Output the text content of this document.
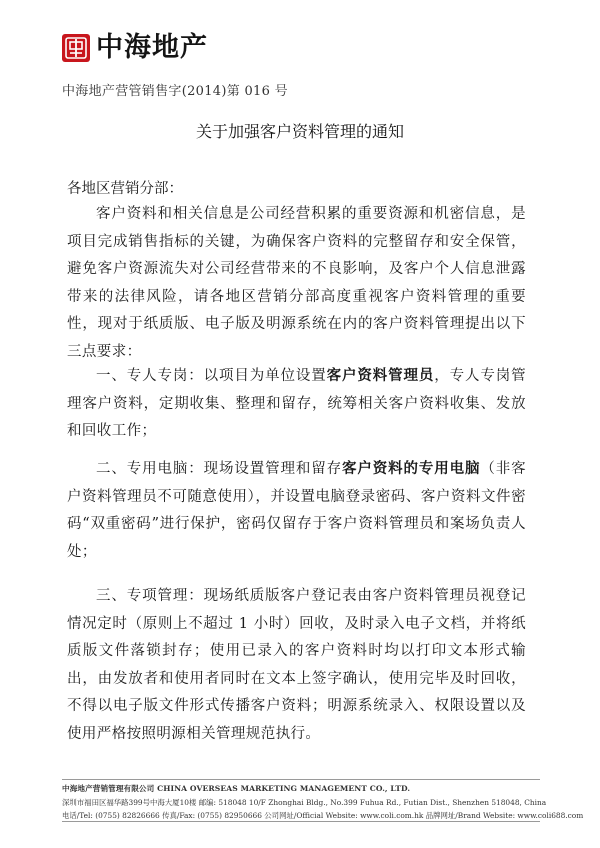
中海地产
中海地产营管销售字(2014)第 016 号
关于加强客户资料管理的通知
各地区营销分部：

客户资料和相关信息是公司经营积累的重要资源和机密信息，是项目完成销售指标的关键，为确保客户资料的完整留存和安全保管，避免客户资源流失对公司经营带来的不良影响，及客户个人信息泄露带来的法律风险，请各地区营销分部高度重视客户资料管理的重要性，现对于纸质版、电子版及明源系统在内的客户资料管理提出以下三点要求：

一、专人专岗：以项目为单位设置客户资料管理员，专人专岗管理客户资料，定期收集、整理和留存，统筹相关客户资料收集、发放和回收工作；

二、专用电脑：现场设置管理和留存客户资料的专用电脑（非客户资料管理员不可随意使用），并设置电脑登录密码、客户资料文件密码“双重密码”进行保护，密码仅留存于客户资料管理员和案场负责人处；

三、专项管理：现场纸质版客户登记表由客户资料管理员视登记情况定时（原则上不超过 1 小时）回收，及时录入电子文档，并将纸质版文件落锁封存；使用已录入的客户资料时均以打印文本形式输出，由发放者和使用者同时在文本上签字确认，使用完毕及时回收，不得以电子版文件形式传播客户资料；明源系统录入、权限设置以及使用严格按照明源相关管理规范执行。

中海地产营销管理有限公司 CHINA OVERSEAS MARKETING MANAGEMENT CO., LTD.
深圳市福田区福华路399号中海大厦10楼 邮编: 518048 10/F Zhonghai Bldg., No.399 Fuhua Rd., Futian Dist., Shenzhen 518048, China
电话/Tel: (0755) 82826666 传真/Fax: (0755) 82950666 公司网址/Official Website: www.coli.com.hk 品牌网址/Brand Website: www.coli688.com
